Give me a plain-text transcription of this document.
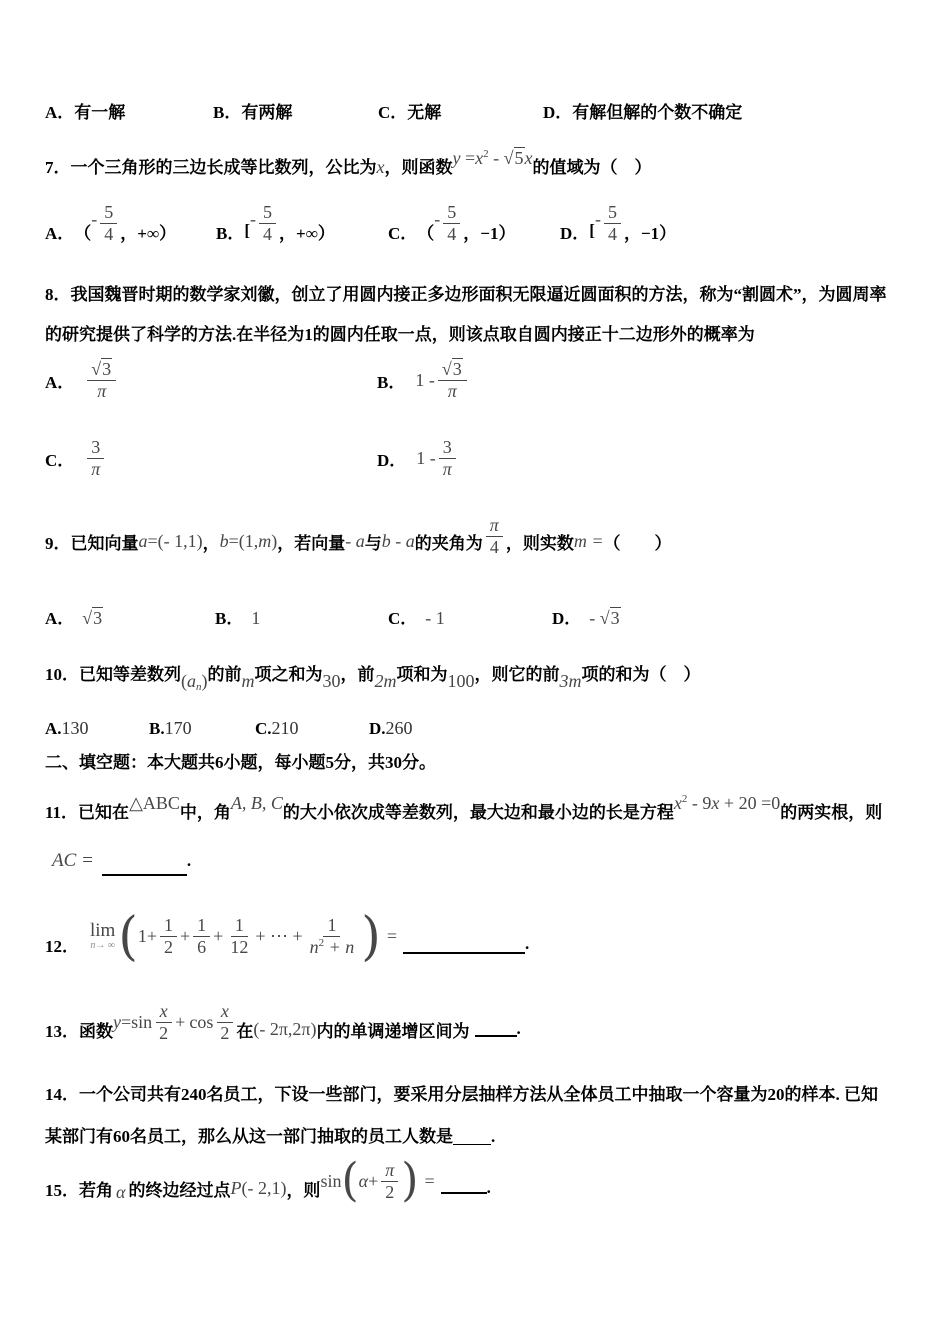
A．有一解	B．有两解	C．无解	D．有解但解的个数不确定
7．一个三角形的三边长成等比数列，公比为x，则函数$y =x^2 - √5x$的值域为（　）
A． （
- $\frac{5}{4}$ ， +∞） B． [
- $\frac{5}{4}$ ， +∞）	C． （
- $\frac{5}{4}$ ， −1）	D． [
- $\frac{5}{4}$ ， −1）
8．我国魏晋时期的数学家刘徽，创立了用圆内接正多边形面积无限逼近圆面积的方法，称为“割圆术”，为圆周率
的研究提供了科学的方法.在半径为1的圆内任取一点，则该点取自圆内接正十二边形外的概率为
A． $\frac{√3}{\pi}$	B． $1 - \frac{√3}{\pi}$
C． $\frac{3}{\pi}$	D． $1 - \frac{3}{\pi}$
9．已知向量 a =(- 1,1) ， b =(1, m ) ，若向量 - a 与 b - a 的夹角为 $\frac{\pi}{4}$ ，则实数 m = （　　）
A． √3	B． 1	C． - 1	D． - √3
10．已知等差数列(an)的前m项之和为30，前2m项和为100，则它的前3m项的和为（　）
A.130	B.170	C.210	D.260
二、填空题：本大题共6小题，每小题5分，共30分。
11．已知在△ABC中，角A, B, C的大小依次成等差数列，最大边和最小边的长是方程$x^2 - 9x + 20 =0$的两实根，则
AC =	.
12．
lim
n→ ∞ ( $1+ \frac{1}{2} + \frac{1}{6} + \frac{1}{12}$ + ⋯ + $\frac{1}{n^2 + n}$ ) =	.
13．函数 $y = \sin \frac{x}{2} + \cos \frac{x}{2}$ 在 (- 2π,2π) 内的单调递增区间为	.
14．一个公司共有240名员工，下设一些部门，要采用分层抽样方法从全体员工中抽取一个容量为20的样本. 已知
某部门有60名员工，那么从这一部门抽取的员工人数是 .
15．若角 α 的终边经过点 P (- 2,1) ，则 sin ( $\alpha + \frac{\pi}{2}$ ) =	.
